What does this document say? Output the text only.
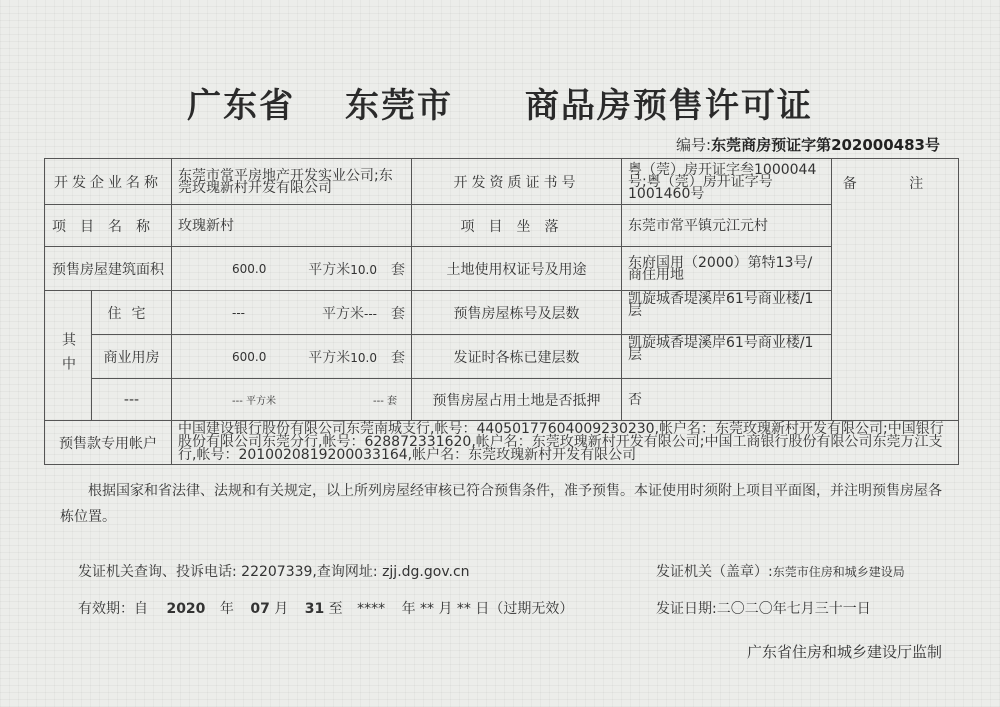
广东省 东莞市 商品房预售许可证
编号:东莞商房预证字第202000483号
开发企业名称		东莞市常平房地产开发实业公司;东莞玫瑰新村开发有限公司	开发资质证书号	粤（莞）房开证字叁1000044号;粤（莞）房开证字号1001460号	备 注
项目名称		玫瑰新村	项目坐落	东莞市常平镇元江元村	
预售房屋建筑面积		600.0 平方米10.0 套	土地使用权证号及用途	东府国用（2000）第特13号/商住用地	
其中	住宅	--- 平方米--- 套	预售房屋栋号及层数	凯旋城香堤溪岸61号商业楼/1层	
	商业用房	600.0 平方米10.0 套	发证时各栋已建层数	凯旋城香堤溪岸61号商业楼/1层	
	---	--- 平方米 --- 套	预售房屋占用土地是否抵押	否	
预售款专用帐户		中国建设银行股份有限公司东莞南城支行,帐号：44050177604009230230,帐户名：东莞玫瑰新村开发有限公司;中国银行股份有限公司东莞分行,帐号：628872331620,帐户名：东莞玫瑰新村开发有限公司;中国工商银行股份有限公司东莞万江支行,帐号：2010020819200033164,帐户名：东莞玫瑰新村开发有限公司			
根据国家和省法律、法规和有关规定，以上所列房屋经审核已符合预售条件，准予预售。本证使用时须附上项目平面图，并注明预售房屋各栋位置。
发证机关查询、投诉电话: 22207339,查询网址: zjj.dg.gov.cn	发证机关（盖章）:东莞市住房和城乡建设局
有效期：自 2020 年 07 月 31 至 **** 年 ** 月 ** 日（过期无效）	发证日期:二〇二〇年七月三十一日
广东省住房和城乡建设厅监制
